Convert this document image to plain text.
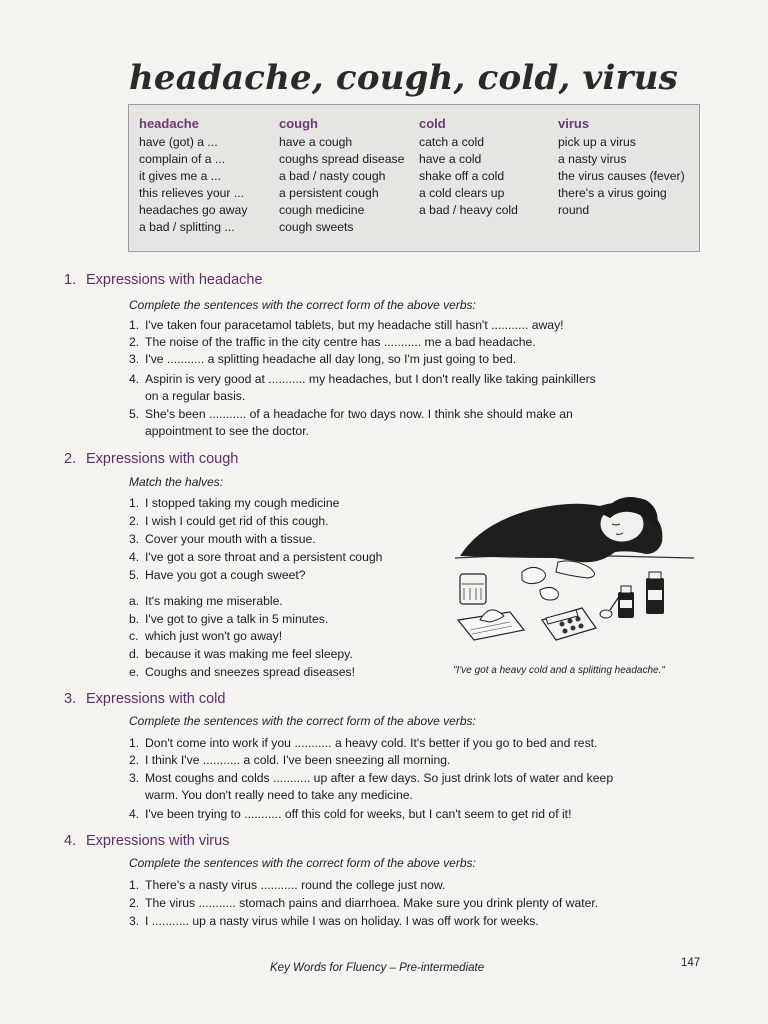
headache, cough, cold, virus
headache
have (got) a ...
complain of a ...
it gives me a ...
this relieves your ...
headaches go away
a bad / splitting ...
cough
have a cough
coughs spread disease
a bad / nasty cough
a persistent cough
cough medicine
cough sweets
cold
catch a cold
have a cold
shake off a cold
a cold clears up
a bad / heavy cold
virus
pick up a virus
a nasty virus
the virus causes (fever)
there's a virus going
round
1. Expressions with headache
Complete the sentences with the correct form of the above verbs:
1. I've taken four paracetamol tablets, but my headache still hasn't ........... away!
2. The noise of the traffic in the city centre has ........... me a bad headache.
3. I've ........... a splitting headache all day long, so I'm just going to bed.
4. Aspirin is very good at ........... my headaches, but I don't really like taking painkillers
on a regular basis.
5. She's been ........... of a headache for two days now. I think she should make an
appointment to see the doctor.
2. Expressions with cough
Match the halves:
1. I stopped taking my cough medicine
2. I wish I could get rid of this cough.
3. Cover your mouth with a tissue.
4. I've got a sore throat and a persistent cough
5. Have you got a cough sweet?
a. It's making me miserable.
b. I've got to give a talk in 5 minutes.
c. which just won't go away!
d. because it was making me feel sleepy.
e. Coughs and sneezes spread diseases!	"I've got a heavy cold and a splitting headache."
3. Expressions with cold
Complete the sentences with the correct form of the above verbs:
1. Don't come into work if you ........... a heavy cold. It's better if you go to bed and rest.
2. I think I've ........... a cold. I've been sneezing all morning.
3. Most coughs and colds ........... up after a few days. So just drink lots of water and keep
warm. You don't really need to take any medicine.
4. I've been trying to ........... off this cold for weeks, but I can't seem to get rid of it!
4. Expressions with virus
Complete the sentences with the correct form of the above verbs:
1. There's a nasty virus ........... round the college just now.
2. The virus ........... stomach pains and diarrhoea. Make sure you drink plenty of water.
3. I ........... up a nasty virus while I was on holiday. I was off work for weeks.
Key Words for Fluency – Pre-intermediate	147
